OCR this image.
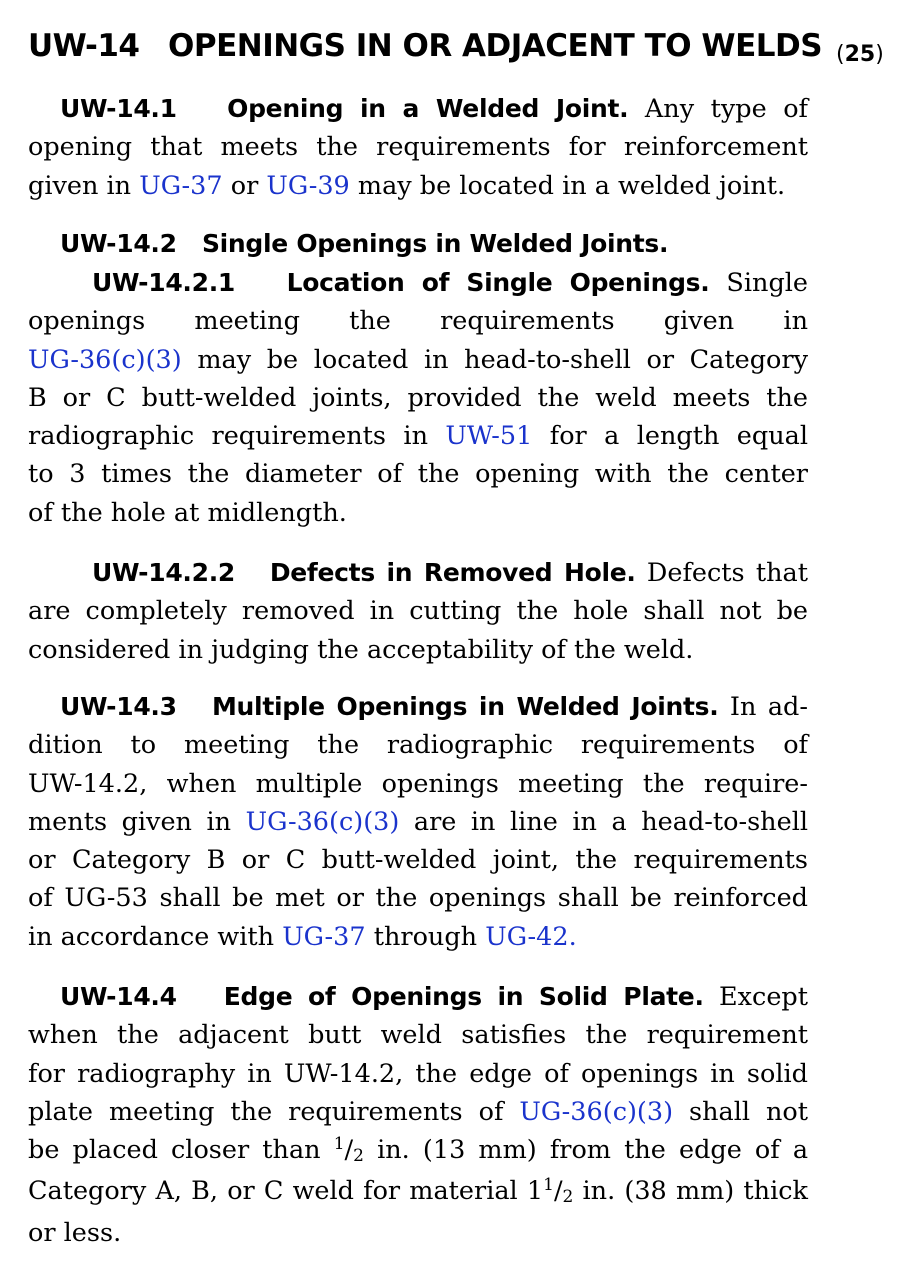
UW-14 OPENINGS IN OR ADJACENT TO WELDS (25)
UW-14.1 Opening in a Welded Joint. Any type of
opening that meets the requirements for reinforcement
given in UG-37 or UG-39 may be located in a welded joint.
UW-14.2 Single Openings in Welded Joints.
UW-14.2.1 Location of Single Openings. Single
openings meeting the requirements given in
UG-36(c)(3) may be located in head-to-shell or Category
B or C butt-welded joints, provided the weld meets the
radiographic requirements in UW-51 for a length equal
to 3 times the diameter of the opening with the center
of the hole at midlength.
UW-14.2.2 Defects in Removed Hole. Defects that
are completely removed in cutting the hole shall not be
considered in judging the acceptability of the weld.
UW-14.3 Multiple Openings in Welded Joints. In ad-
dition to meeting the radiographic requirements of
UW-14.2, when multiple openings meeting the require-
ments given in UG-36(c)(3) are in line in a head-to-shell
or Category B or C butt-welded joint, the requirements
of UG-53 shall be met or the openings shall be reinforced
in accordance with UG-37 through UG-42.
UW-14.4 Edge of Openings in Solid Plate. Except
when the adjacent butt weld satisfies the requirement
for radiography in UW-14.2, the edge of openings in solid
plate meeting the requirements of UG-36(c)(3) shall not
be placed closer than $^1$/2 in. (13 mm) from the edge of a
Category A, B, or C weld for material $1^1/2$ in. (38 mm) thick
or less.
